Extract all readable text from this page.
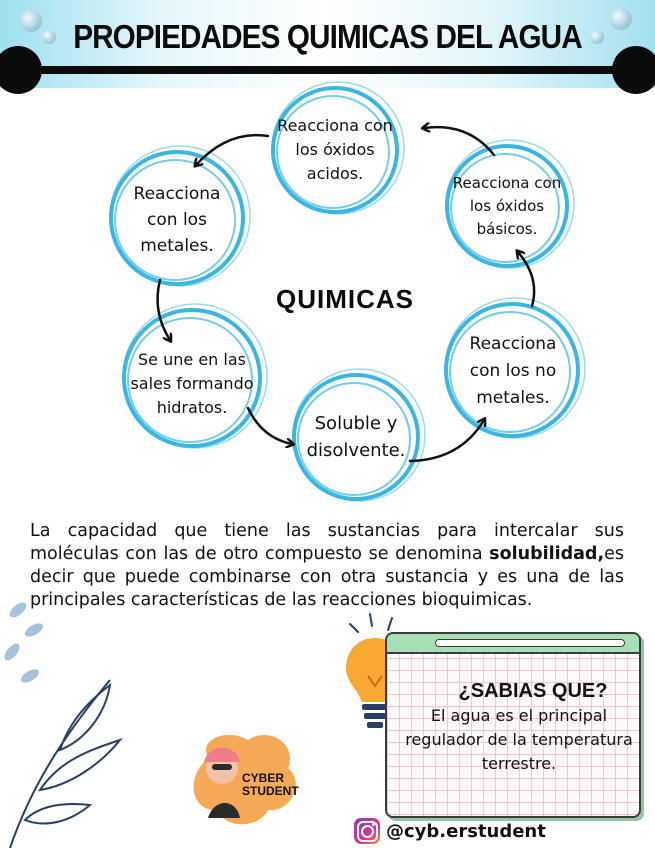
PROPIEDADES QUIMICAS DEL AGUA
Reacciona con los óxidos acidos.	Reacciona con los óxidos básicos.
Reacciona con los no metales.
Soluble y disolvente.
Se une en las sales formando hidratos.
Reacciona con los metales.
QUIMICAS

La capacidad que tiene las sustancias para intercalar sus moléculas con las de otro compuesto se denomina solubilidad,es decir que puede combinarse con otra sustancia y es una de las principales características de las reacciones bioquimicas.

¿SABIAS QUE?
El agua es el principal regulador de la temperatura terrestre.
CYBER
STUDENT
@cyb.erstudent
